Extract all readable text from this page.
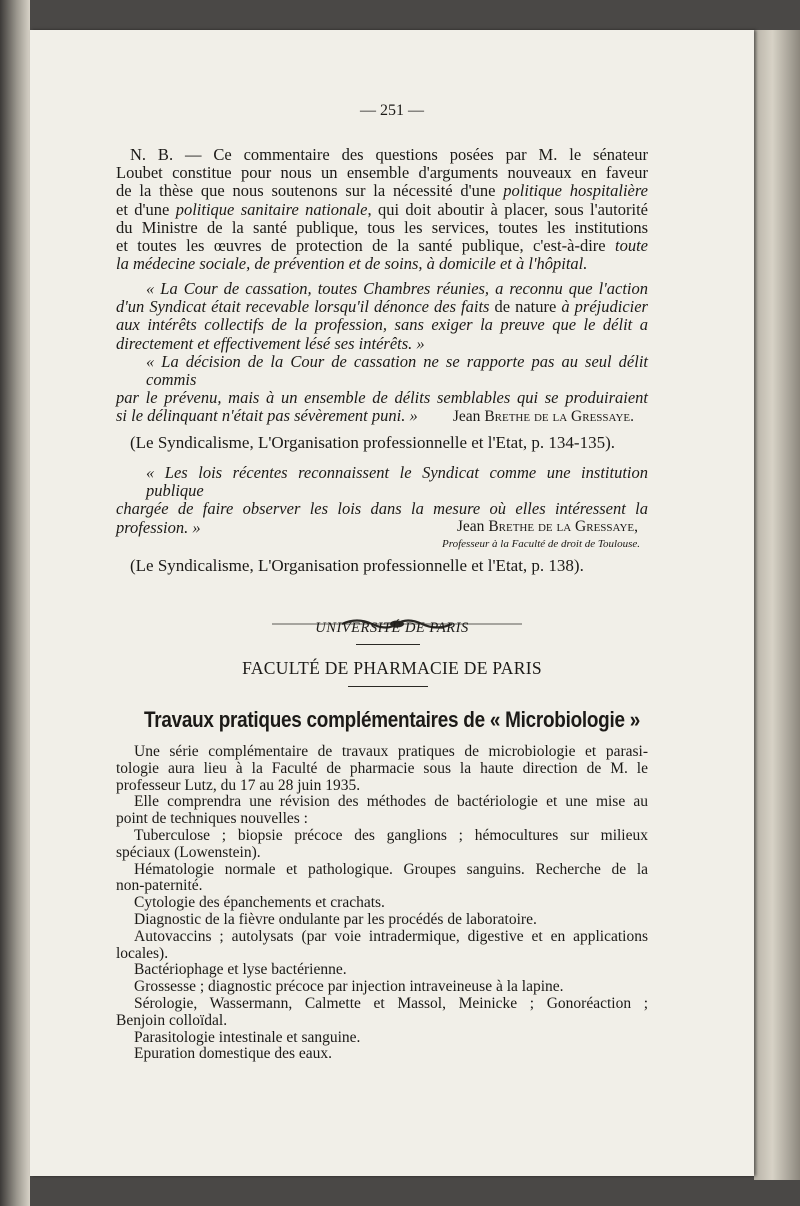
— 251 —
N. B. — Ce commentaire des questions posées par M. le sénateur
Loubet constitue pour nous un ensemble d'arguments nouveaux en faveur
de la thèse que nous soutenons sur la nécessité d'une politique hospitalière
et d'une politique sanitaire nationale, qui doit aboutir à placer, sous l'autorité
du Ministre de la santé publique, tous les services, toutes les institutions
et toutes les œuvres de protection de la santé publique, c'est-à-dire toute
la médecine sociale, de prévention et de soins, à domicile et à l'hôpital.
« La Cour de cassation, toutes Chambres réunies, a reconnu que l'action
d'un Syndicat était recevable lorsqu'il dénonce des faits de nature à préjudicier
aux intérêts collectifs de la profession, sans exiger la preuve que le délit a
directement et effectivement lésé ses intérêts. »
« La décision de la Cour de cassation ne se rapporte pas au seul délit commis
par le prévenu, mais à un ensemble de délits semblables qui se produiraient
si le délinquant n'était pas sévèrement puni. »	Jean Brethe de la Gressaye.
(Le Syndicalisme, L'Organisation professionnelle et l'Etat, p. 134-135).
« Les lois récentes reconnaissent le Syndicat comme une institution publique
chargée de faire observer les lois dans la mesure où elles intéressent la
profession. »	Jean Brethe de la Gressaye,
Professeur à la Faculté de droit de Toulouse.
(Le Syndicalisme, L'Organisation professionnelle et l'Etat, p. 138).
UNIVERSITÉ DE PARIS
FACULTÉ DE PHARMACIE DE PARIS
Travaux pratiques complémentaires de « Microbiologie »
Une série complémentaire de travaux pratiques de microbiologie et parasi-
tologie aura lieu à la Faculté de pharmacie sous la haute direction de M. le
professeur Lutz, du 17 au 28 juin 1935.
Elle comprendra une révision des méthodes de bactériologie et une mise au
point de techniques nouvelles :
Tuberculose ; biopsie précoce des ganglions ; hémocultures sur milieux
spéciaux (Lowenstein).
Hématologie normale et pathologique. Groupes sanguins. Recherche de la
non-paternité.
Cytologie des épanchements et crachats.
Diagnostic de la fièvre ondulante par les procédés de laboratoire.
Autovaccins ; autolysats (par voie intradermique, digestive et en applications
locales).
Bactériophage et lyse bactérienne.
Grossesse ; diagnostic précoce par injection intraveineuse à la lapine.
Sérologie, Wassermann, Calmette et Massol, Meinicke ; Gonoréaction ;
Benjoin colloïdal.
Parasitologie intestinale et sanguine.
Epuration domestique des eaux.
